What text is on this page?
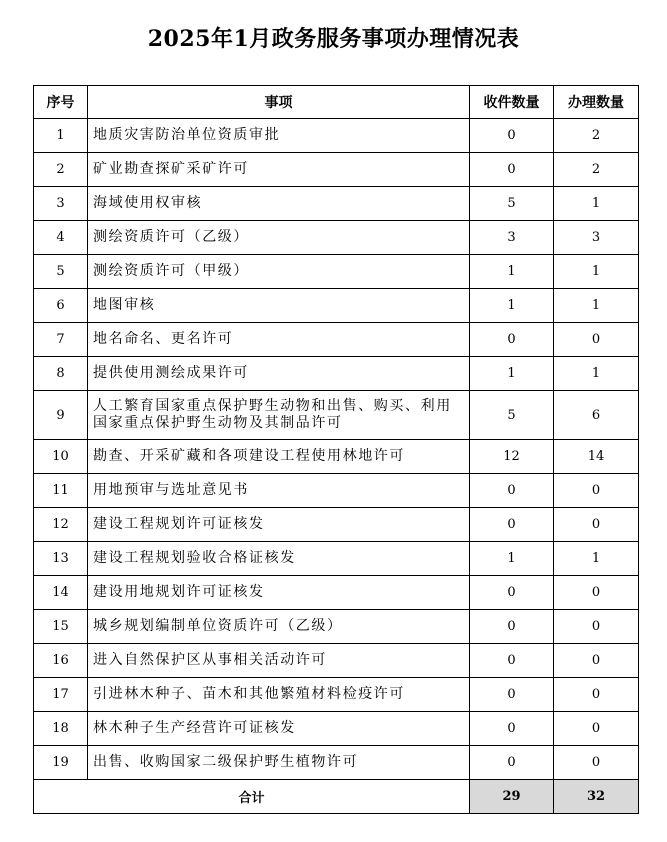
2025年1月政务服务事项办理情况表
序号	事项	收件数量	办理数量
1	地质灾害防治单位资质审批	0	2
2	矿业勘查探矿采矿许可	0	2
3	海域使用权审核	5	1
4	测绘资质许可（乙级）	3	3
5	测绘资质许可（甲级）	1	1
6	地图审核	1	1
7	地名命名、更名许可	0	0
8	提供使用测绘成果许可	1	1
9	人工繁育国家重点保护野生动物和出售、购买、利用国家重点保护野生动物及其制品许可	5	6
10	勘查、开采矿藏和各项建设工程使用林地许可	12	14
11	用地预审与选址意见书	0	0
12	建设工程规划许可证核发	0	0
13	建设工程规划验收合格证核发	1	1
14	建设用地规划许可证核发	0	0
15	城乡规划编制单位资质许可（乙级）	0	0
16	进入自然保护区从事相关活动许可	0	0
17	引进林木种子、苗木和其他繁殖材料检疫许可	0	0
18	林木种子生产经营许可证核发	0	0
19	出售、收购国家二级保护野生植物许可	0	0
合计		29	32
